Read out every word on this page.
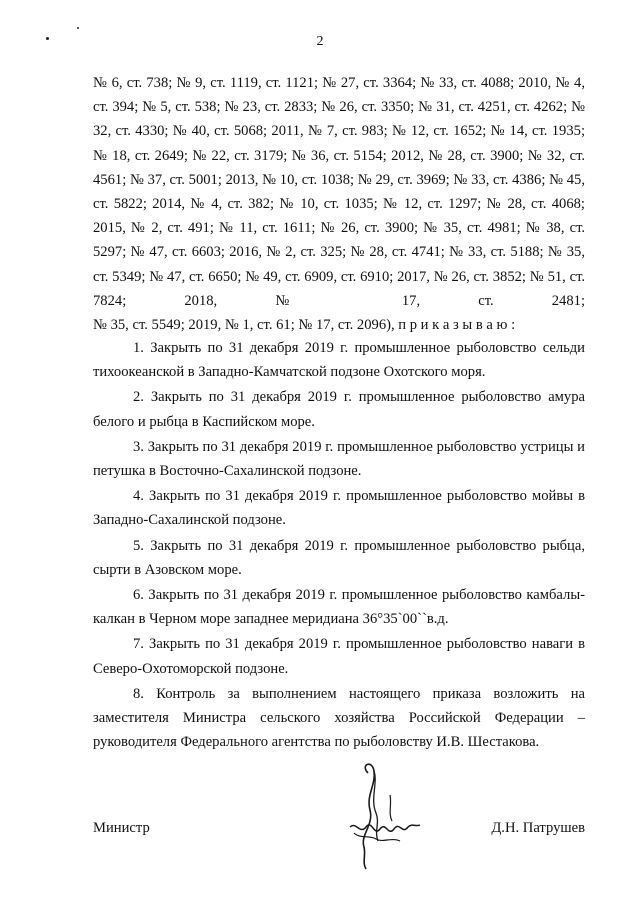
2
№ 6, ст. 738; № 9, ст. 1119, ст. 1121; № 27, ст. 3364; № 33, ст. 4088; 2010, № 4, ст. 394; № 5, ст. 538; № 23, ст. 2833; № 26, ст. 3350; № 31, ст. 4251, ст. 4262; № 32, ст. 4330; № 40, ст. 5068; 2011, № 7, ст. 983; № 12, ст. 1652; № 14, ст. 1935; № 18, ст. 2649; № 22, ст. 3179; № 36, ст. 5154; 2012, № 28, ст. 3900; № 32, ст. 4561; № 37, ст. 5001; 2013, № 10, ст. 1038; № 29, ст. 3969; № 33, ст. 4386; № 45, ст. 5822; 2014, № 4, ст. 382; № 10, ст. 1035; № 12, ст. 1297; № 28, ст. 4068; 2015, № 2, ст. 491; № 11, ст. 1611; № 26, ст. 3900; № 35, ст. 4981; № 38, ст. 5297; № 47, ст. 6603; 2016, № 2, ст. 325; № 28, ст. 4741; № 33, ст. 5188; № 35, ст. 5349; № 47, ст. 6650; № 49, ст. 6909, ст. 6910; 2017, № 26, ст. 3852; № 51, ст. 7824; 2018, № 17, ст. 2481;
№ 35, ст. 5549; 2019, № 1, ст. 61; № 17, ст. 2096), п р и к а з ы в а ю :

1. Закрыть по 31 декабря 2019 г. промышленное рыболовство сельди тихоокеанской в Западно-Камчатской подзоне Охотского моря.

2. Закрыть по 31 декабря 2019 г. промышленное рыболовство амура белого и рыбца в Каспийском море.

3. Закрыть по 31 декабря 2019 г. промышленное рыболовство устрицы и петушка в Восточно-Сахалинской подзоне.

4. Закрыть по 31 декабря 2019 г. промышленное рыболовство мойвы в Западно-Сахалинской подзоне.

5. Закрыть по 31 декабря 2019 г. промышленное рыболовство рыбца, сырти в Азовском море.

6. Закрыть по 31 декабря 2019 г. промышленное рыболовство камбалы-калкан в Черном море западнее меридиана 36°35`00``в.д.

7. Закрыть по 31 декабря 2019 г. промышленное рыболовство наваги в Северо-Охотоморской подзоне.

8. Контроль за выполнением настоящего приказа возложить на заместителя Министра сельского хозяйства Российской Федерации – руководителя Федерального агентства по рыболовству И.В. Шестакова.

Министр	Д.Н. Патрушев
